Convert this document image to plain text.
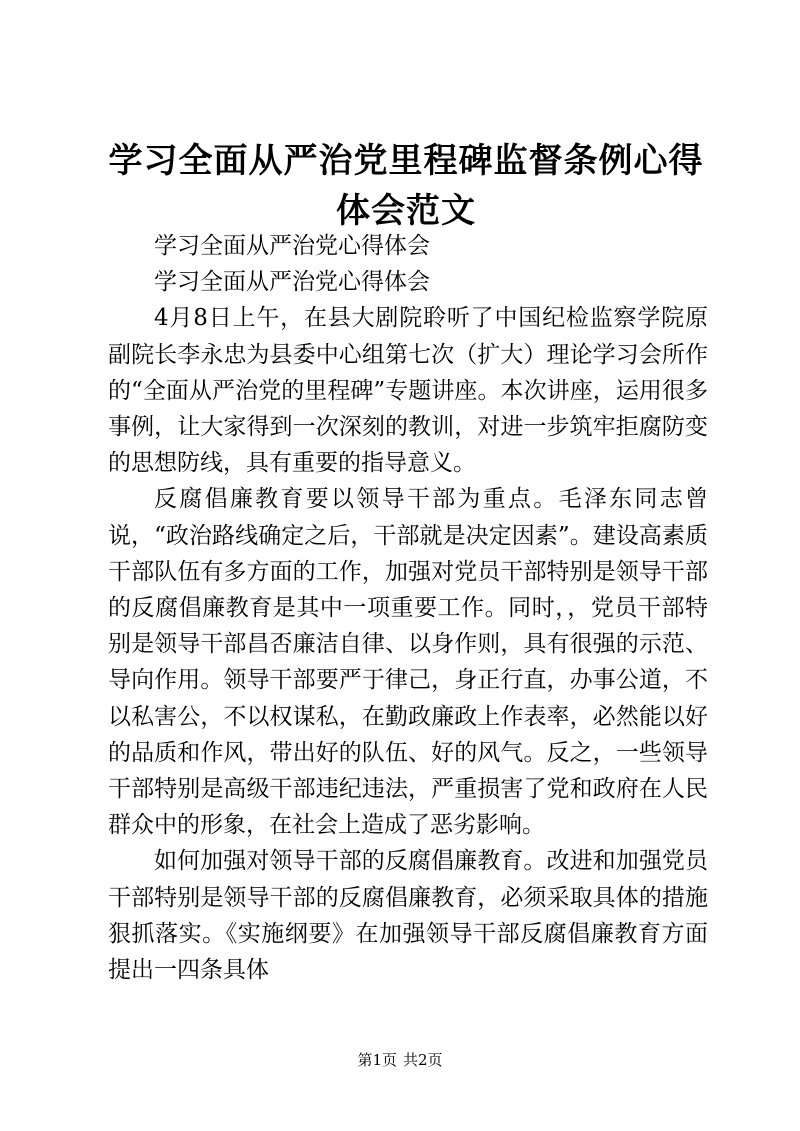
学习全面从严治党里程碑监督条例心得体会范文

学习全面从严治党心得体会

学习全面从严治党心得体会

4月8日上午，在县大剧院聆听了中国纪检监察学院原副院长李永忠为县委中心组第七次（扩大）理论学习会所作的“全面从严治党的里程碑”专题讲座。本次讲座，运用很多事例，让大家得到一次深刻的教训，对进一步筑牢拒腐防变的思想防线，具有重要的指导意义。

反腐倡廉教育要以领导干部为重点。毛泽东同志曾说，“政治路线确定之后，干部就是决定因素”。建设高素质干部队伍有多方面的工作，加强对党员干部特别是领导干部的反腐倡廉教育是其中一项重要工作。同时，，党员干部特别是领导干部昌否廉洁自律、以身作则，具有很强的示范、导向作用。领导干部要严于律己，身正行直，办事公道，不以私害公，不以权谋私，在勤政廉政上作表率，必然能以好的品质和作风，带出好的队伍、好的风气。反之，一些领导干部特别是高级干部违纪违法，严重损害了党和政府在人民群众中的形象，在社会上造成了恶劣影响。

如何加强对领导干部的反腐倡廉教育。改进和加强党员干部特别是领导干部的反腐倡廉教育，必须采取具体的措施狠抓落实。《实施纲要》在加强领导干部反腐倡廉教育方面提出一四条具体

第1页 共2页
